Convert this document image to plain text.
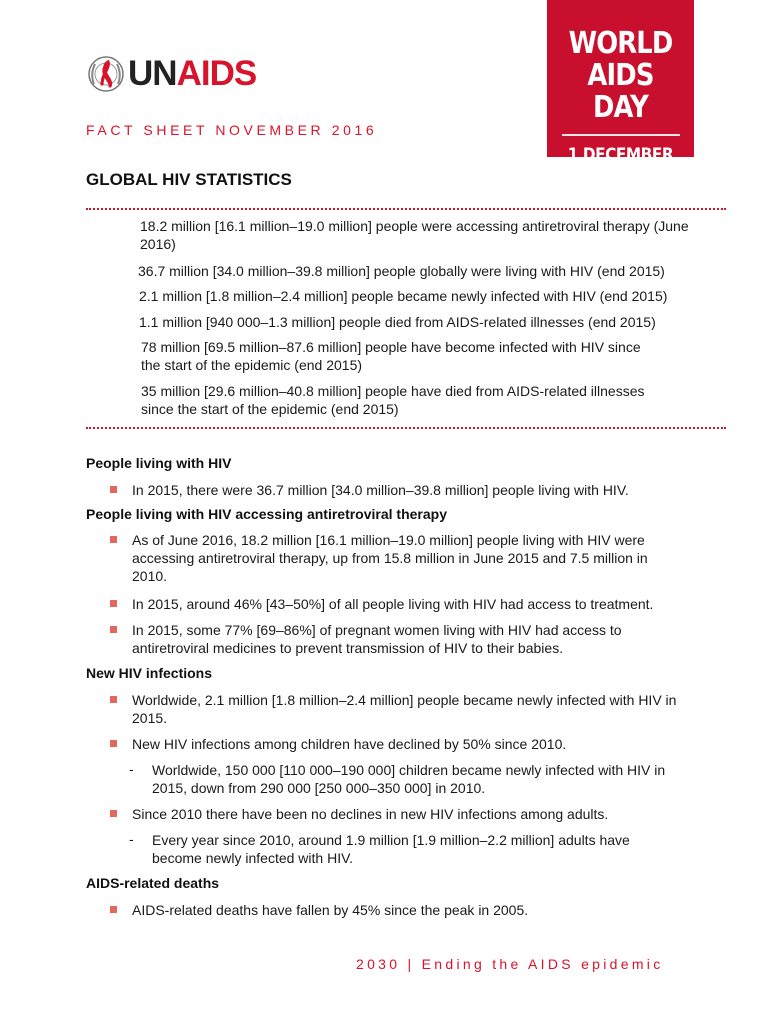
UNAIDS
WORLD
AIDS DAY
1 DECEMBER 2016
FACT SHEET NOVEMBER 2016
GLOBAL HIV STATISTICS
18.2 million [16.1 million–19.0 million] people were accessing antiretroviral therapy (June
2016)
36.7 million [34.0 million–39.8 million] people globally were living with HIV (end 2015)
2.1 million [1.8 million–2.4 million] people became newly infected with HIV (end 2015)
1.1 million [940 000–1.3 million] people died from AIDS-related illnesses (end 2015)
78 million [69.5 million–87.6 million] people have become infected with HIV since
the start of the epidemic (end 2015)
35 million [29.6 million–40.8 million] people have died from AIDS-related illnesses
since the start of the epidemic (end 2015)
People living with HIV
In 2015, there were 36.7 million [34.0 million–39.8 million] people living with HIV.
People living with HIV accessing antiretroviral therapy
As of June 2016, 18.2 million [16.1 million–19.0 million] people living with HIV were
accessing antiretroviral therapy, up from 15.8 million in June 2015 and 7.5 million in
2010.
In 2015, around 46% [43–50%] of all people living with HIV had access to treatment.
In 2015, some 77% [69–86%] of pregnant women living with HIV had access to
antiretroviral medicines to prevent transmission of HIV to their babies.
New HIV infections
Worldwide, 2.1 million [1.8 million–2.4 million] people became newly infected with HIV in
2015.
New HIV infections among children have declined by 50% since 2010.
- Worldwide, 150 000 [110 000–190 000] children became newly infected with HIV in
2015, down from 290 000 [250 000–350 000] in 2010.
Since 2010 there have been no declines in new HIV infections among adults.
- Every year since 2010, around 1.9 million [1.9 million–2.2 million] adults have
become newly infected with HIV.
AIDS-related deaths
AIDS-related deaths have fallen by 45% since the peak in 2005.
2030 | Ending the AIDS epidemic
